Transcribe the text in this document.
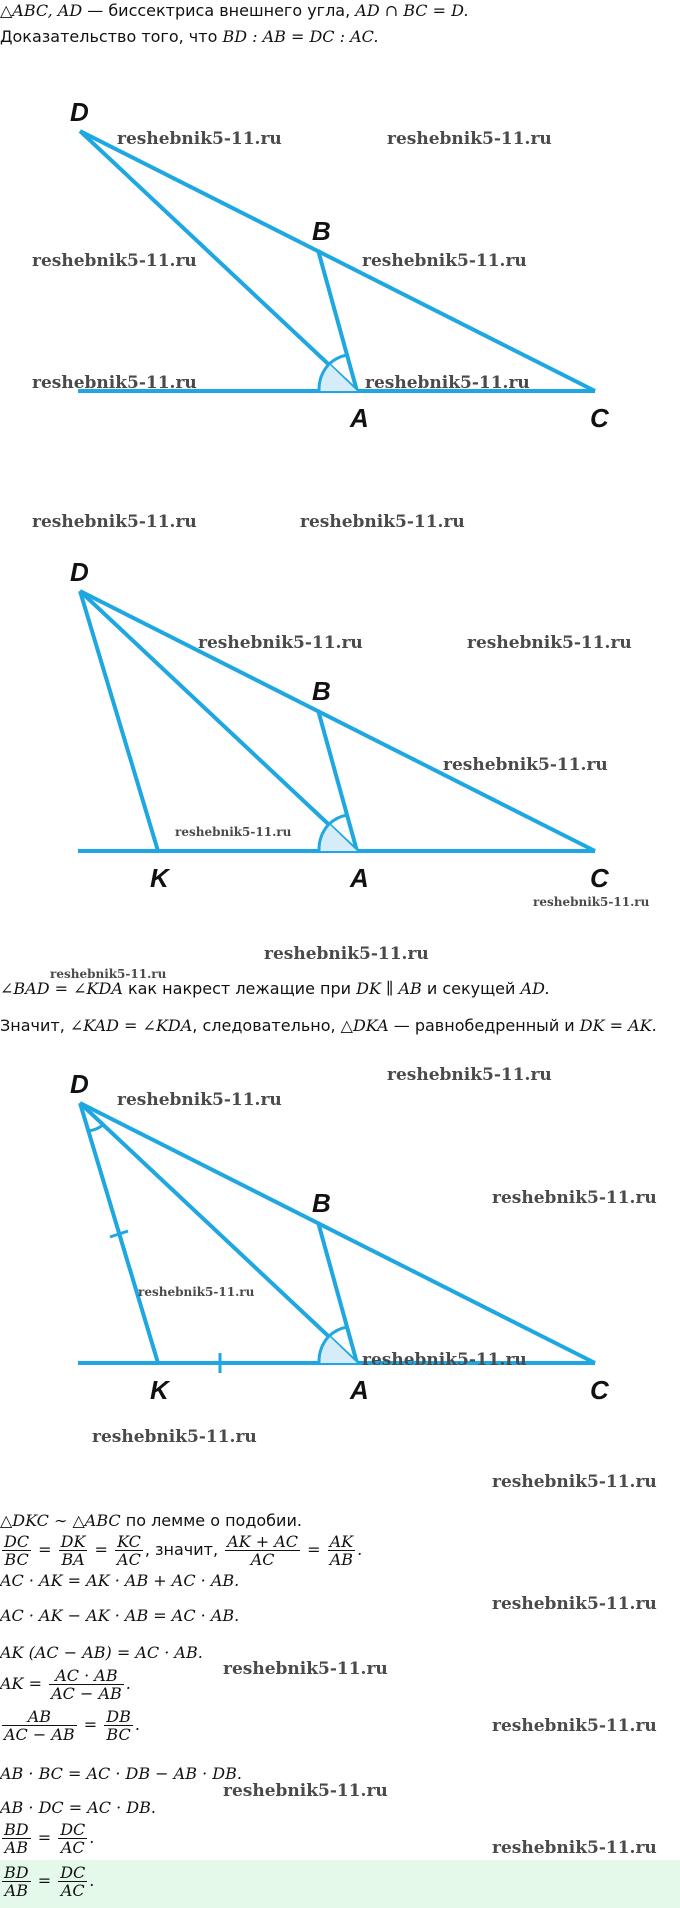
△ABC, AD — биссектриса внешнего угла, AD ∩ BC = D.
Доказательство того, что BD : AB = DC : AC.
D
B
A	C
D
B
K	A	C
∠BAD = ∠KDA как накрест лежащие при DK ∥ AB и секущей AD.
Значит, ∠KAD = ∠KDA, следовательно, △DKA — равнобедренный и DK = AK.
D
B
K	A	C
△DKC ∼ △ABC по лемме о подобии.
$\frac{DC}{BC} = \frac{DK}{BA} = \frac{KC}{AC}$ , значит, $\frac{AK + AC}{AC} = \frac{AK}{AB}$ .
AC · AK = AK · AB + AC · AB.
AC · AK − AK · AB = AC · AB.
AK (AC − AB) = AC · AB.
AK = $\frac{AC \cdot AB}{AC - AB}$ .
$\frac{AB}{AC - AB} = \frac{DB}{BC}$ .
AB · BC = AC · DB − AB · DB.
AB · DC = AC · DB.
$\frac{BD}{AB} = \frac{DC}{AC}$ .
$\frac{BD}{AB} = \frac{DC}{AC}$ .
reshebnik5-11.ru	reshebnik5-11.ru
reshebnik5-11.ru	reshebnik5-11.ru
reshebnik5-11.ru	reshebnik5-11.ru
reshebnik5-11.ru	reshebnik5-11.ru
reshebnik5-11.ru	reshebnik5-11.ru
reshebnik5-11.ru
reshebnik5-11.ru
reshebnik5-11.ru
reshebnik5-11.ru
reshebnik5-11.ru
reshebnik5-11.ru
reshebnik5-11.ru
reshebnik5-11.ru
reshebnik5-11.ru
reshebnik5-11.ru
reshebnik5-11.ru
reshebnik5-11.ru
reshebnik5-11.ru
reshebnik5-11.ru
reshebnik5-11.ru
reshebnik5-11.ru
reshebnik5-11.ru
